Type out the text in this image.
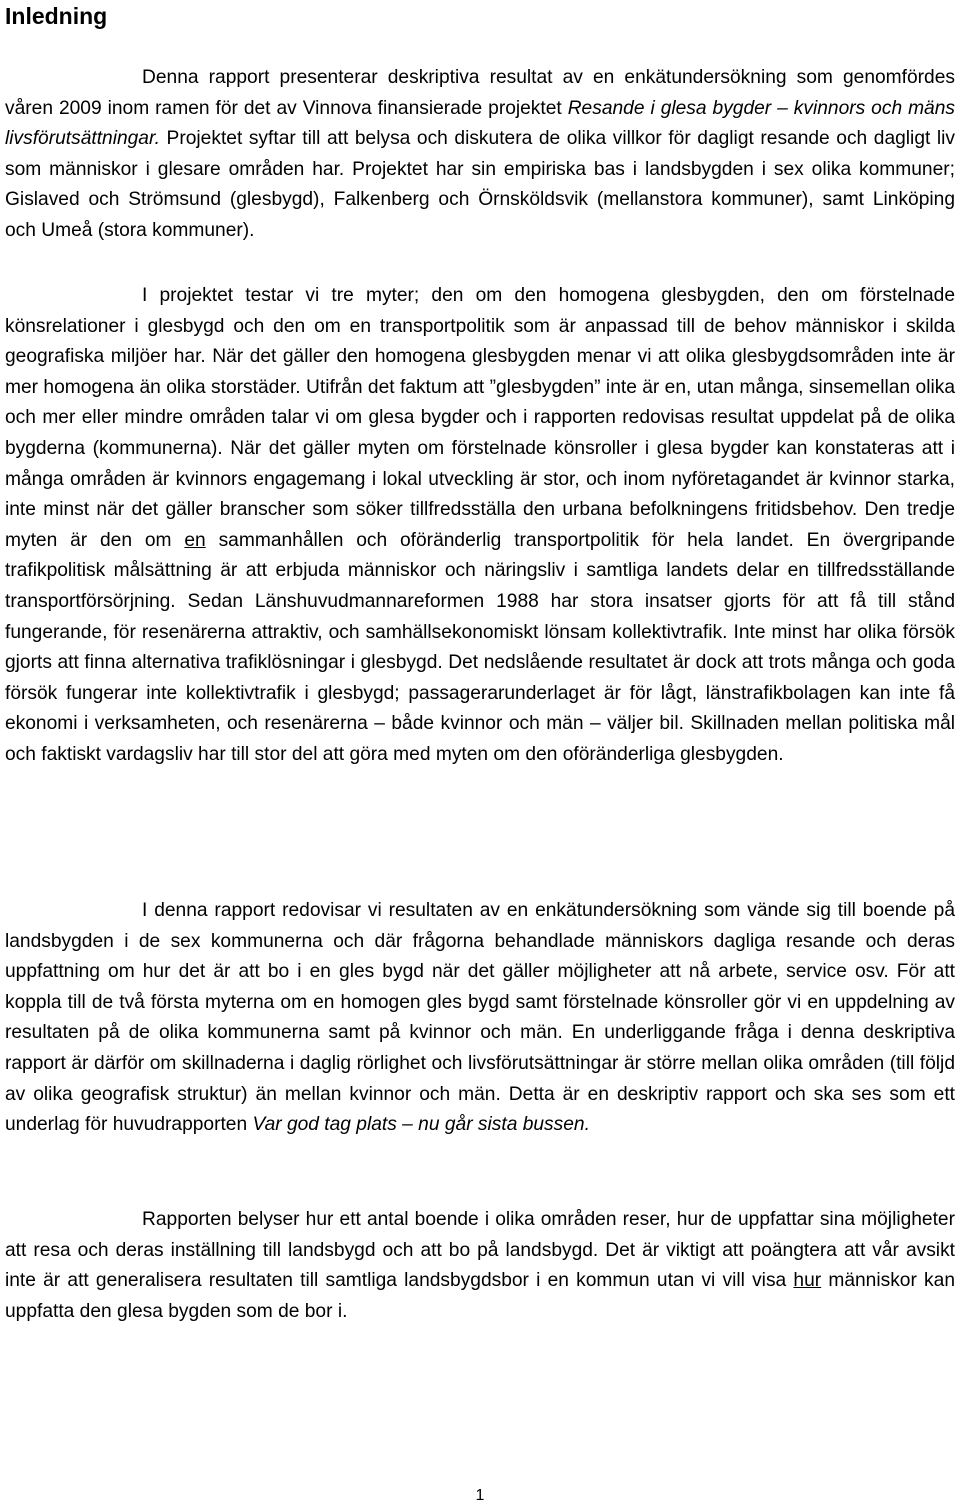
Inledning

Denna rapport presenterar deskriptiva resultat av en enkätundersökning som genomfördes våren 2009 inom ramen för det av Vinnova finansierade projektet Resande i glesa bygder – kvinnors och mäns livsförutsättningar. Projektet syftar till att belysa och diskutera de olika villkor för dagligt resande och dagligt liv som människor i glesare områden har. Projektet har sin empiriska bas i landsbygden i sex olika kommuner; Gislaved och Strömsund (glesbygd), Falkenberg och Örnsköldsvik (mellanstora kommuner), samt Linköping och Umeå (stora kommuner).

I projektet testar vi tre myter; den om den homogena glesbygden, den om förstelnade könsrelationer i glesbygd och den om en transportpolitik som är anpassad till de behov människor i skilda geografiska miljöer har. När det gäller den homogena glesbygden menar vi att olika glesbygdsområden inte är mer homogena än olika storstäder. Utifrån det faktum att ”glesbygden” inte är en, utan många, sinsemellan olika och mer eller mindre områden talar vi om glesa bygder och i rapporten redovisas resultat uppdelat på de olika bygderna (kommunerna). När det gäller myten om förstelnade könsroller i glesa bygder kan konstateras att i många områden är kvinnors engagemang i lokal utveckling är stor, och inom nyföretagandet är kvinnor starka, inte minst när det gäller branscher som söker tillfredsställa den urbana befolkningens fritidsbehov. Den tredje myten är den om en sammanhållen och oföränderlig transportpolitik för hela landet. En övergripande trafikpolitisk målsättning är att erbjuda människor och näringsliv i samtliga landets delar en tillfredsställande transportförsörjning. Sedan Länshuvudmannareformen 1988 har stora insatser gjorts för att få till stånd fungerande, för resenärerna attraktiv, och samhällsekonomiskt lönsam kollektivtrafik. Inte minst har olika försök gjorts att finna alternativa trafiklösningar i glesbygd. Det nedslående resultatet är dock att trots många och goda försök fungerar inte kollektivtrafik i glesbygd; passagerarunderlaget är för lågt, länstrafikbolagen kan inte få ekonomi i verksamheten, och resenärerna – både kvinnor och män – väljer bil. Skillnaden mellan politiska mål och faktiskt vardagsliv har till stor del att göra med myten om den oföränderliga glesbygden.

I denna rapport redovisar vi resultaten av en enkätundersökning som vände sig till boende på landsbygden i de sex kommunerna och där frågorna behandlade människors dagliga resande och deras uppfattning om hur det är att bo i en gles bygd när det gäller möjligheter att nå arbete, service osv. För att koppla till de två första myterna om en homogen gles bygd samt förstelnade könsroller gör vi en uppdelning av resultaten på de olika kommunerna samt på kvinnor och män. En underliggande fråga i denna deskriptiva rapport är därför om skillnaderna i daglig rörlighet och livsförutsättningar är större mellan olika områden (till följd av olika geografisk struktur) än mellan kvinnor och män. Detta är en deskriptiv rapport och ska ses som ett underlag för huvudrapporten Var god tag plats – nu går sista bussen.

Rapporten belyser hur ett antal boende i olika områden reser, hur de uppfattar sina möjligheter att resa och deras inställning till landsbygd och att bo på landsbygd. Det är viktigt att poängtera att vår avsikt inte är att generalisera resultaten till samtliga landsbygdsbor i en kommun utan vi vill visa hur människor kan uppfatta den glesa bygden som de bor i.

1
